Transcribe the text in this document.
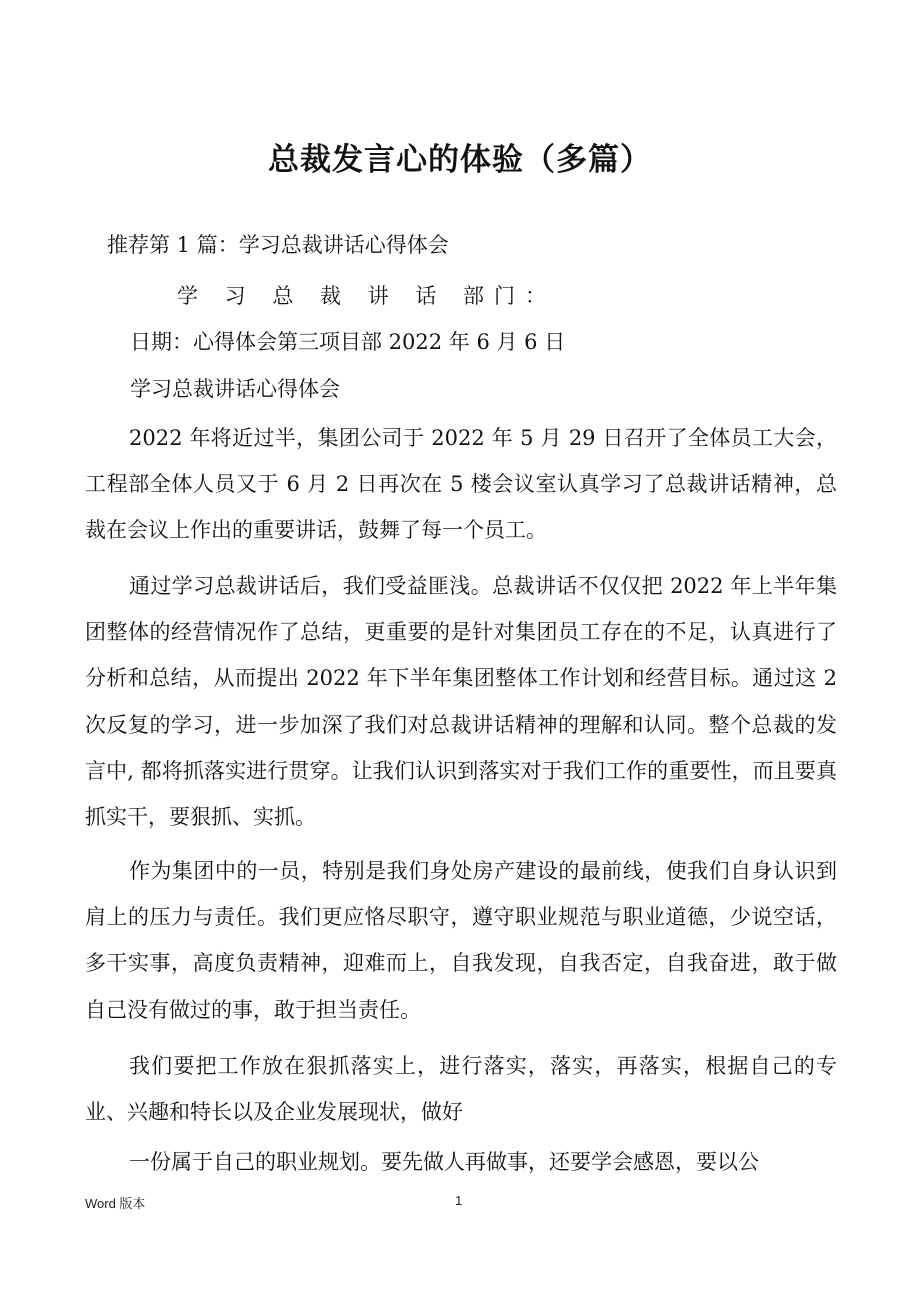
总裁发言心的体验（多篇）
推荐第 1 篇：学习总裁讲话心得体会
学 习 总 裁 讲 话 部门：
日期：心得体会第三项目部 2022 年 6 月 6 日
学习总裁讲话心得体会
2022 年将近过半，集团公司于 2022 年 5 月 29 日召开了全体员工大会，工程部全体人员又于 6 月 2 日再次在 5 楼会议室认真学习了总裁讲话精神，总裁在会议上作出的重要讲话，鼓舞了每一个员工。
通过学习总裁讲话后，我们受益匪浅。总裁讲话不仅仅把 2022 年上半年集团整体的经营情况作了总结，更重要的是针对集团员工存在的不足，认真进行了分析和总结，从而提出 2022 年下半年集团整体工作计划和经营目标。通过这 2 次反复的学习，进一步加深了我们对总裁讲话精神的理解和认同。整个总裁的发言中, 都将抓落实进行贯穿。让我们认识到落实对于我们工作的重要性，而且要真抓实干，要狠抓、实抓。
作为集团中的一员，特别是我们身处房产建设的最前线，使我们自身认识到肩上的压力与责任。我们更应恪尽职守，遵守职业规范与职业道德，少说空话，多干实事，高度负责精神，迎难而上，自我发现，自我否定，自我奋进，敢于做自己没有做过的事，敢于担当责任。
我们要把工作放在狠抓落实上，进行落实，落实，再落实，根据自己的专业、兴趣和特长以及企业发展现状，做好
一份属于自己的职业规划。要先做人再做事，还要学会感恩，要以公
Word 版本	1
